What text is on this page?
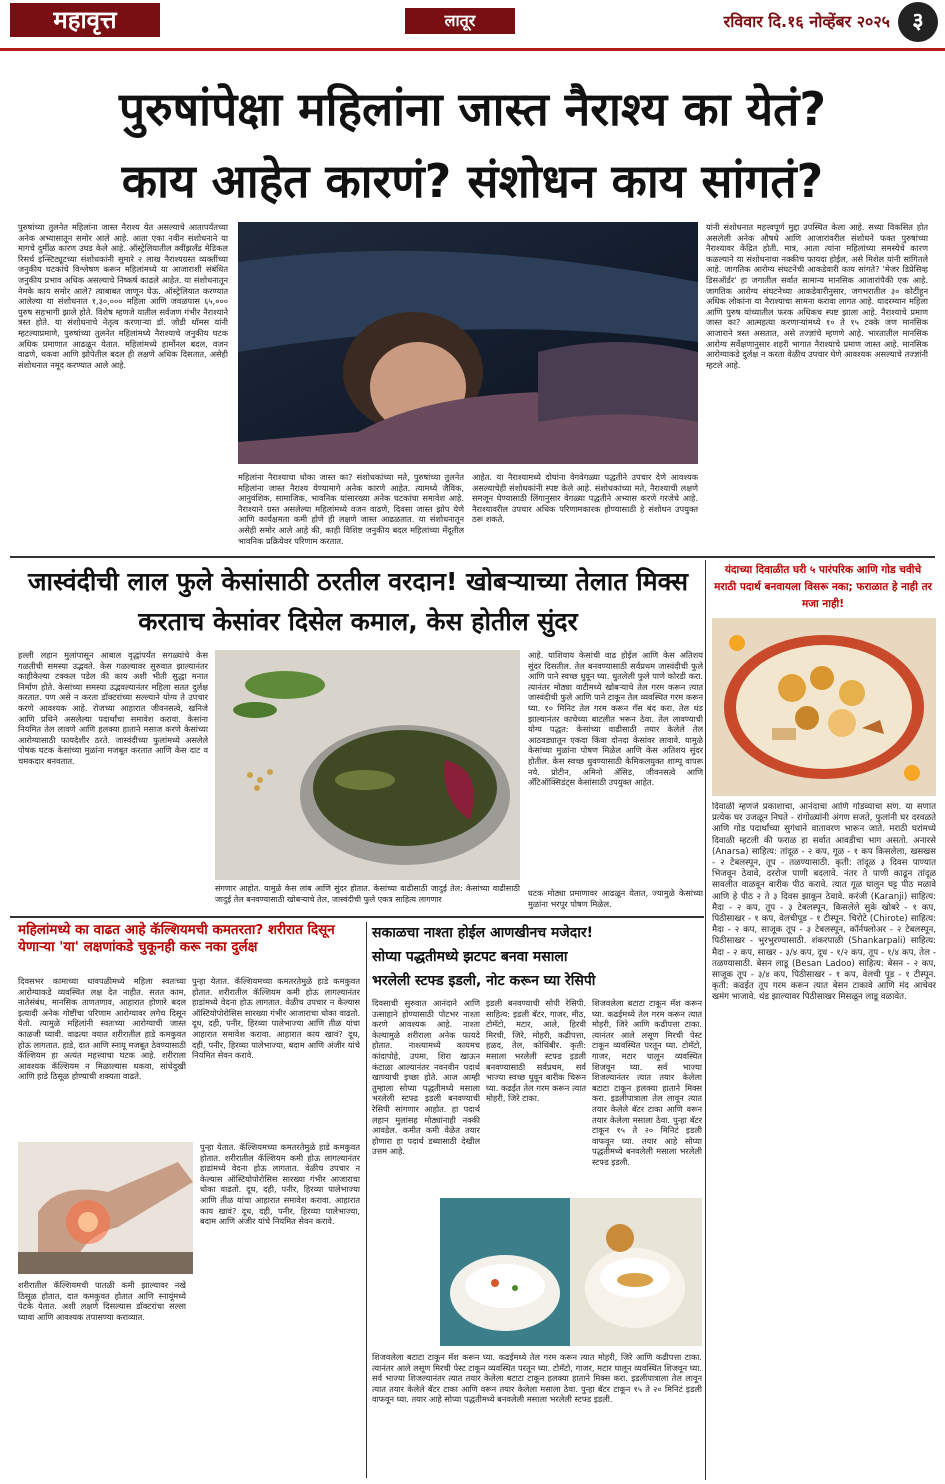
महावृत्त	लातूर	रविवार दि.१६ नोव्हेंबर २०२५	३
पुरुषांपेक्षा महिलांना जास्त नैराश्य का येतं?
काय आहेत कारणं? संशोधन काय सांगतं?
पुरुषांच्या तुलनेत महिलांना जास्त नैराश्य येत असल्याचे आतापर्यंतच्या अनेक अभ्यासातून समोर आले आहे. आता एका नवीन संशोधनाने या मागचे दुर्मीळ कारण उघड केले आहे. ऑस्ट्रेलियातील क्वींझलँड मेडिकल रिसर्च इन्स्टिट्यूटच्या संशोधकांनी सुमारे २ लाख नैराश्यग्रस्त व्यक्तींच्या जनुकीय घटकांचे विश्लेषण करून महिलांमध्ये या आजाराशी संबंधित जनुकीय प्रभाव अधिक असल्याचे निष्कर्ष काढले आहेत. या संशोधनातून नेमके काय समोर आले? त्याबाबत जाणून घेऊ. ऑस्ट्रेलियात करण्यात आलेल्या या संशोधनात १,३०,००० महिला आणि जवळपास ६५,००० पुरुष सहभागी झाले होते. विशेष म्हणजे यातील सर्वजण गंभीर नैराश्याने त्रस्त होते. या संशोधनाचे नेतृत्व करणाऱ्या डॉ. जोडी थॉमस यांनी म्हटल्याप्रमाणे, पुरुषांच्या तुलनेत महिलांमध्ये नैराश्याचे जनुकीय घटक अधिक प्रमाणात आढळून येतात. महिलांमध्ये हार्मोनल बदल, वजन वाढणे, थकवा आणि झोपेतील बदल ही लक्षणे अधिक दिसतात, असेही संशोधनात नमूद करण्यात आले आहे.
महिलांना नैराश्याचा धोका जास्त का? संशोधकांच्या मते, पुरुषांच्या तुलनेत महिलांना जास्त नैराश्य येण्यामागे अनेक कारणे आहेत. त्यामध्ये जैविक, आनुवंशिक, सामाजिक, भावनिक यांसारख्या अनेक घटकांचा समावेश आहे. नैराश्याने ग्रस्त असलेल्या महिलांमध्ये वजन वाढणे, दिवसा जास्त झोप येणे आणि कार्यक्षमता कमी होणे ही लक्षणे जास्त आढळतात. या संशोधनातून असेही समोर आले आहे की, काही विशिष्ट जनुकीय बदल महिलांच्या मेंदूतील भावनिक प्रक्रियेवर परिणाम करतात.
आहेत. या नैराश्यामध्ये दोघांना वेगवेगळ्या पद्धतीने उपचार देणे आवश्यक असल्याचेही संशोधकांनी स्पष्ट केले आहे. संशोधकांच्या मते, नैराश्याची लक्षणे समजून घेण्यासाठी लिंगानुसार वेगळ्या पद्धतीने अभ्यास करणे गरजेचे आहे. नैराश्यावरील उपचार अधिक परिणामकारक होण्यासाठी हे संशोधन उपयुक्त ठरू शकते.
यांनी संशोधनात महत्त्वपूर्ण मुद्दा उपस्थित केला आहे. सध्या विकसित होत असलेली अनेक औषधे आणि आजारांवरील संशोधने फक्त पुरुषांच्या नैराश्यावर केंद्रित होती. मात्र, आता त्यांना महिलांच्या समस्येचे कारण कळल्याने या संशोधनाचा नक्कीच फायदा होईल, असे मिशेल यांनी सांगितले आहे. जागतिक आरोग्य संघटनेची आकडेवारी काय सांगते? 'मेजर डिप्रेसिव्ह डिसऑर्डर' हा जगातील सर्वात सामान्य मानसिक आजारांपैकी एक आहे. जागतिक आरोग्य संघटनेच्या आकडेवारीनुसार, जगभरातील ३० कोटींहून अधिक लोकांना या नैराश्याचा सामना करावा लागत आहे. यादरम्यान महिला आणि पुरुष यांच्यातील फरक अधिकच स्पष्ट झाला आहे. नैराश्याचे प्रमाण जास्त का? आत्महत्या करणाऱ्यांमध्ये १० ते १५ टक्के जण मानसिक आजाराने त्रस्त असतात, असे तज्ज्ञांचे म्हणणे आहे. भारतातील मानसिक आरोग्य सर्वेक्षणानुसार शहरी भागात नैराश्याचे प्रमाण जास्त आहे. मानसिक आरोग्याकडे दुर्लक्ष न करता वेळीच उपचार घेणे आवश्यक असल्याचे तज्ज्ञांनी म्हटले आहे.
जास्वंदीची लाल फुले केसांसाठी ठरतील वरदान! खोबऱ्याच्या तेलात मिक्स करताच केसांवर दिसेल कमाल, केस होतील सुंदर
हल्ली लहान मुलांपासून आबाल वृद्धांपर्यंत सगळ्यांचे केस गळतीची समस्या उद्भवते. केस गळल्यावर सुरुवात झाल्यानंतर काहीकेल्या टक्कल पडेल की काय अशी भीती सुद्धा मनात निर्माण होते. केसांच्या समस्या उद्भवल्यानंतर महिला सतत दुर्लक्ष करतात. पण असे न करता डॉक्टरांच्या सल्ल्याने योग्य ते उपचार करणे आवश्यक आहे. रोजच्या आहारात जीवनसत्वे, खनिजे आणि प्रथिने असलेल्या पदार्थांचा समावेश करावा. केसांना नियमित तेल लावणे आणि हलक्या हाताने मसाज करणे केसांच्या आरोग्यासाठी फायदेशीर ठरते. जास्वंदीच्या फुलांमध्ये असलेले पोषक घटक केसांच्या मुळांना मजबूत करतात आणि केस दाट व चमकदार बनवतात.
संगणार आहोत. यामुळे केस लांब आणि सुंदर होतात. केसांच्या वाढीसाठी जादुई तेल: केसांच्या वाढीसाठी जादुई तेल बनवण्यासाठी खोबऱ्याचे तेल, जास्वंदीची फुले एकत्र साहित्य लागणार
आहे. याशिवाय केसांची वाढ होईल आणि केस अतिशय सुंदर दिसतील. तेल बनवण्यासाठी सर्वप्रथम जास्वंदीची फुले आणि पाने स्वच्छ धुवून घ्या. धुतलेली फुले पाणे कोरडी करा. त्यानंतर मोठ्या वाटीमध्ये खोबऱ्याचे तेल गरम करून त्यात जास्वंदीची फुले आणि पाने टाकून तेल व्यवस्थित गरम करून घ्या. १० मिनिट तेल गरम करून गॅस बंद करा. तेल थंड झाल्यानंतर काचेच्या बाटलीत भरून ठेवा. तेल लावण्याची योग्य पद्धत: केसांच्या वाढीसाठी तयार केलेले तेल आठवड्यातून एकदा किंवा दोनदा केसांवर लावावे. यामुळे केसांच्या मुळांना पोषण मिळेल आणि केस अतिशय सुंदर होतील. केस स्वच्छ धुवण्यासाठी केमिकलयुक्त शाम्पू वापरू नये. प्रोटीन, अमिनो ॲसिड, जीवनसत्वे आणि अँटिऑक्सिडंट्स केसांसाठी उपयुक्त आहेत.
घटक मोठ्या प्रमाणावर आढळून येतात, ज्यामुळे केसांच्या मुळांना भरपूर पोषण मिळेल.
यंदाच्या दिवाळीत घरी ५ पारंपरिक आणि गोड चवीचे मराठी पदार्थ बनवायला विसरू नका; फराळात हे नाही तर मजा नाही!
दिवाळी म्हणजे प्रकाशाचा, आनंदाचा आणि गोडव्याचा सण. या सणात प्रत्येक घर उजळून निघते - रांगोळ्यांनी अंगण सजते, फुलांनी घर दरवळते आणि गोड पदार्थांच्या सुगंधाने वातावरण भारून जाते. मराठी घरांमध्ये दिवाळी म्हटली की फराळ हा सर्वात आवडीचा भाग असतो. अनारसे (Anarsa) साहित्य: तांदूळ - २ कप, गूळ - १ कप किसलेला, खसखस - २ टेबलस्पून, तूप - तळण्यासाठी. कृती: तांदूळ ३ दिवस पाण्यात भिजवून ठेवावे, दररोज पाणी बदलावे. नंतर ते पाणी काढून तांदूळ सावलीत वाळवून बारीक पीठ करावे. त्यात गूळ घालून घट्ट पीठ मळावे आणि हे पीठ २ ते ३ दिवस झाकून ठेवावे. करंजी (Karanji) साहित्य: मैदा - २ कप, तूप - ३ टेबलस्पून, किसलेले सुके खोबरे - १ कप, पिठीसाखर - १ कप, वेलचीपूड - १ टीस्पून. चिरोटे (Chirote) साहित्य: मैदा - २ कप, साजूक तूप - ३ टेबलस्पून, कॉर्नफ्लोअर - २ टेबलस्पून, पिठीसाखर - भुरभुरण्यासाठी. शंकरपाळी (Shankarpali) साहित्य: मैदा - २ कप, साखर - ३/४ कप, दूध - १/२ कप, तूप - १/४ कप, तेल - तळण्यासाठी. बेसन लाडू (Besan Ladoo) साहित्य: बेसन - २ कप, साजूक तूप - ३/४ कप, पिठीसाखर - १ कप, वेलची पूड - १ टीस्पून. कृती: कढईत तूप गरम करून त्यात बेसन टाकावे आणि मंद आचेवर खमंग भाजावे. थंड झाल्यावर पिठीसाखर मिसळून लाडू वळावेत.
महिलांमध्ये का वाढत आहे कॅल्शियमची कमतरता? शरीरात दिसून येणाऱ्या 'या' लक्षणांकडे चुकूनही करू नका दुर्लक्ष
दिवसभर कामाच्या धावपळीमध्ये महिला स्वतःच्या आरोग्याकडे व्यवस्थित लक्ष देत नाहीत. सतत काम, नातेसंबंध, मानसिक ताणतणाव, आहारात होणारे बदल इत्यादी अनेक गोष्टींचा परिणाम आरोग्यावर लगेच दिसून येतो. त्यामुळे महिलांनी स्वतःच्या आरोग्याची जास्त काळजी घ्यावी. वाढत्या वयात शरीरातील हाडे कमकुवत होऊ लागतात. हाडे, दात आणि स्नायू मजबूत ठेवण्यासाठी कॅल्शियम हा अत्यंत महत्त्वाचा घटक आहे. शरीराला आवश्यक कॅल्शियम न मिळाल्यास थकवा, सांधेदुखी आणि हाडे ठिसूळ होण्याची शक्यता वाढते.
पुन्हा येतात. कॅल्शियमच्या कमतरतेमुळे हाडे कमकुवत होतात. शरीरातील कॅल्शियम कमी होऊ लागल्यानंतर हाडांमध्ये वेदना होऊ लागतात. वेळीच उपचार न केल्यास ऑस्टियोपोरोसिस सारख्या गंभीर आजाराचा धोका वाढतो. दूध, दही, पनीर, हिरव्या पालेभाज्या आणि तीळ यांचा आहारात समावेश करावा. आहारात काय खावं? दूध, दही, पनीर, हिरव्या पालेभाज्या, बदाम आणि अंजीर यांचे नियमित सेवन करावे.
शरीरातील कॅल्शियमची पातळी कमी झाल्यावर नखे ठिसूळ होतात, दात कमकुवत होतात आणि स्नायूंमध्ये पेटके येतात. अशी लक्षणे दिसल्यास डॉक्टरांचा सल्ला घ्यावा आणि आवश्यक तपासण्या कराव्यात.
पुन्हा येतात. कॅल्शियमच्या कमतरतेमुळे हाडे कमकुवत होतात. शरीरातील कॅल्शियम कमी होऊ लागल्यानंतर हाडांमध्ये वेदना होऊ लागतात. वेळीच उपचार न केल्यास ऑस्टियोपोरोसिस सारख्या गंभीर आजाराचा धोका वाढतो. दूध, दही, पनीर, हिरव्या पालेभाज्या आणि तीळ यांचा आहारात समावेश करावा. आहारात काय खावं? दूध, दही, पनीर, हिरव्या पालेभाज्या, बदाम आणि अंजीर यांचे नियमित सेवन करावे.
सकाळचा नाश्ता होईल आणखीनच मजेदार!
सोप्या पद्धतीमध्ये झटपट बनवा मसाला
भरलेली स्टफ्ड इडली, नोट करून घ्या रेसिपी
दिवसाची सुरुवात आनंदाने आणि उत्साहाने होण्यासाठी पोटभर नाश्ता करणे आवश्यक आहे. नाश्ता केल्यामुळे शरीराला अनेक फायदे होतात. नाश्त्यामध्ये कायमच कांदापोहे, उपमा, शिरा खाऊन कंटाळा आल्यानंतर नवनवीन पदार्थ खाण्याची इच्छा होते. आज आम्ही तुम्हाला सोप्या पद्धतीमध्ये मसाला भरलेली स्टफ्ड इडली बनवण्याची रेसिपी सांगणार आहोत. हा पदार्थ लहान मुलांसह मोठ्यांनाही नक्की आवडेल. कमीत कमी वेळेत तयार होणारा हा पदार्थ डब्यासाठी देखील उत्तम आहे.
इडली बनवण्याची सोपी रेसिपी. साहित्य: इडली बॅटर, गाजर, मीठ, टोमॅटो, मटार, आले, हिरवी मिरची, जिरे, मोहरी, कढीपत्ता, हळद, तेल, कोथिंबीर. कृती: मसाला भरलेली स्टफ्ड इडली बनवण्यासाठी सर्वप्रथम, सर्व भाज्या स्वच्छ धुवून बारीक चिरून घ्या. कढईत तेल गरम करून त्यात मोहरी, जिरे टाका.
शिजवलेला बटाटा टाकून मॅश करून घ्या. कढईमध्ये तेल गरम करून त्यात मोहरी, जिरे आणि कढीपत्ता टाका. त्यानंतर आले लसूण मिरची पेस्ट टाकून व्यवस्थित परतून घ्या. टोमॅटो, गाजर, मटार घालून व्यवस्थित शिजवून घ्या. सर्व भाज्या शिजल्यानंतर त्यात तयार केलेला बटाटा टाकून हलक्या हाताने मिक्स करा. इडलीपात्राला तेल लावून त्यात तयार केलेले बॅटर टाका आणि वरून तयार केलेला मसाला ठेवा. पुन्हा बॅटर टाकून १५ ते २० मिनिटं इडली वाफवून घ्या. तयार आहे सोप्या पद्धतीमध्ये बनवलेली मसाला भरलेली स्टफ्ड इडली.
शिजवलेला बटाटा टाकून मॅश करून घ्या. कढईमध्ये तेल गरम करून त्यात मोहरी, जिरे आणि कढीपत्ता टाका. त्यानंतर आले लसूण मिरची पेस्ट टाकून व्यवस्थित परतून घ्या. टोमॅटो, गाजर, मटार घालून व्यवस्थित शिजवून घ्या. सर्व भाज्या शिजल्यानंतर त्यात तयार केलेला बटाटा टाकून हलक्या हाताने मिक्स करा. इडलीपात्राला तेल लावून त्यात तयार केलेले बॅटर टाका आणि वरून तयार केलेला मसाला ठेवा. पुन्हा बॅटर टाकून १५ ते २० मिनिटं इडली वाफवून घ्या. तयार आहे सोप्या पद्धतीमध्ये बनवलेली मसाला भरलेली स्टफ्ड इडली.
